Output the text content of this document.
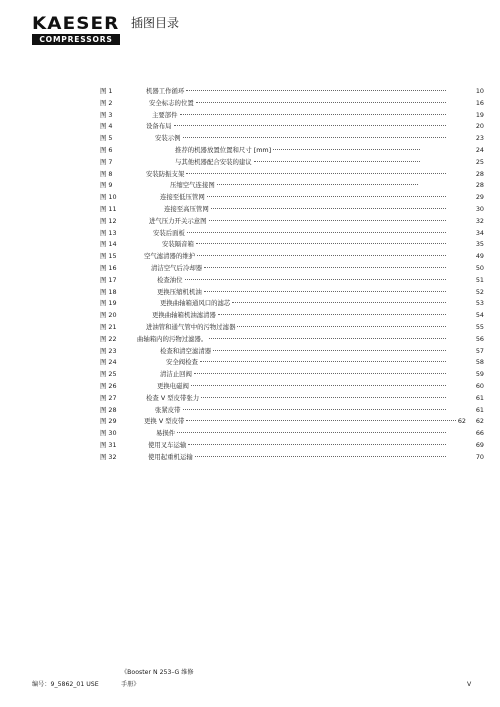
KAESER
COMPRESSORS
插图目录
图 1	机器工作循环	10
图 2	安全标志的位置	16
图 3	主要部件	19
图 4	设备布局	20
图 5	安装示例	23
图 6	推荐的机器放置位置和尺寸 [mm]	24
图 7	与其他机器配合安装的建议	25
图 8	安装防振支架	28
图 9	压缩空气连接图	28
图 10	连接至低压管网	29
图 11	连接至高压管网	30
图 12	进气压力开关示意图	32
图 13	安装后面板	34
图 14	安装隔音箱	35
图 15	空气滤清器的维护	49
图 16	清洁空气后冷却器	50
图 17	检查油位	51
图 18	更换压缩机机油	52
图 19	更换曲轴箱通风口的滤芯	53
图 20	更换曲轴箱机油滤清器	54
图 21	进油管和通气管中的污物过滤器	55
图 22	曲轴箱内的污物过滤器。	56
图 23	检查和清空滤清器	57
图 24	安全阀检查	58
图 25	清洁止回阀	59
图 26	更换电磁阀	60
图 27	检查 V 型皮带张力	61
图 28	张紧皮带	61
图 29	更换 V 型皮带	62	62
图 30	易损件	66
图 31	使用叉车运输	69
图 32	使用起重机运输	70
编号：9_5862_01 USE
《Booster N 253–G 维修
手册》	V
